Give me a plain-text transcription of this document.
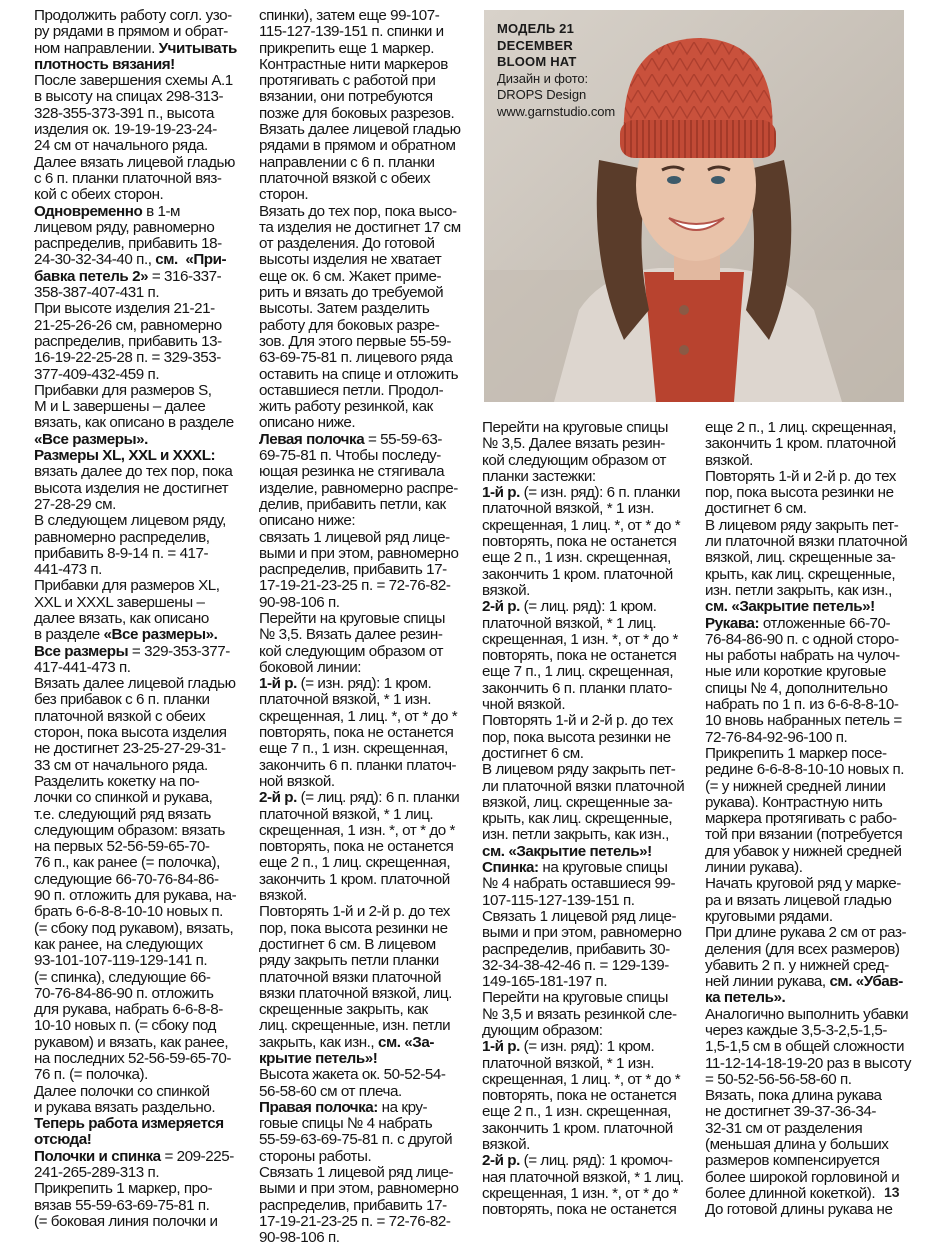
Продолжить работу согл. узо-
ру рядами в прямом и обрат-
ном направлении. Учитывать
плотность вязания!
После завершения схемы А.1
в высоту на спицах 298-313-
328-355-373-391 п., высота
изделия ок. 19-19-19-23-24-
24 см от начального ряда.
Далее вязать лицевой гладью
с 6 п. планки платочной вяз-
кой с обеих сторон.
Одновременно в 1-м
лицевом ряду, равномерно
распределив, прибавить 18-
24-30-32-34-40 п., см.  «При-
бавка петель 2» = 316-337-
358-387-407-431 п.
При высоте изделия 21-21-
21-25-26-26 см, равномерно
распределив, прибавить 13-
16-19-22-25-28 п. = 329-353-
377-409-432-459 п.
Прибавки для размеров S,
M и L завершены – далее
вязать, как описано в разделе
«Все размеры».
Размеры XL, XXL и XXXL:
вязать далее до тех пор, пока
высота изделия не достигнет
27-28-29 см.
В следующем лицевом ряду,
равномерно распределив,
прибавить 8-9-14 п. = 417-
441-473 п.
Прибавки для размеров XL,
XXL и XXXL завершены –
далее вязать, как описано
в разделе «Все размеры».
Все размеры = 329-353-377-
417-441-473 п.
Вязать далее лицевой гладью
без прибавок с 6 п. планки
платочной вязкой с обеих
сторон, пока высота изделия
не достигнет 23-25-27-29-31-
33 см от начального ряда.
Разделить кокетку на по-
лочки со спинкой и рукава,
т.е. следующий ряд вязать
следующим образом: вязать
на первых 52-56-59-65-70-
76 п., как ранее (= полочка),
следующие 66-70-76-84-86-
90 п. отложить для рукава, на-
брать 6-6-8-8-10-10 новых п.
(= сбоку под рукавом), вязать,
как ранее, на следующих
93-101-107-119-129-141 п.
(= спинка), следующие 66-
70-76-84-86-90 п. отложить
для рукава, набрать 6-6-8-8-
10-10 новых п. (= сбоку под
рукавом) и вязать, как ранее,
на последних 52-56-59-65-70-
76 п. (= полочка).
Далее полочки со спинкой
и рукава вязать раздельно.
Теперь работа измеряется
отсюда!
Полочки и спинка = 209-225-
241-265-289-313 п.
Прикрепить 1 маркер, про-
вязав 55-59-63-69-75-81 п.
(= боковая линия полочки и
спинки), затем еще 99-107-
115-127-139-151 п. спинки и
прикрепить еще 1 маркер.
Контрастные нити маркеров
протягивать с работой при
вязании, они потребуются
позже для боковых разрезов.
Вязать далее лицевой гладью
рядами в прямом и обратном
направлении с 6 п. планки
платочной вязкой с обеих
сторон.
Вязать до тех пор, пока высо-
та изделия не достигнет 17 см
от разделения. До готовой
высоты изделия не хватает
еще ок. 6 см. Жакет приме-
рить и вязать до требуемой
высоты. Затем разделить
работу для боковых разре-
зов. Для этого первые 55-59-
63-69-75-81 п. лицевого ряда
оставить на спице и отложить
оставшиеся петли. Продол-
жить работу резинкой, как
описано ниже.
Левая полочка = 55-59-63-
69-75-81 п. Чтобы последу-
ющая резинка не стягивала
изделие, равномерно распре-
делив, прибавить петли, как
описано ниже:
связать 1 лицевой ряд лице-
выми и при этом, равномерно
распределив, прибавить 17-
17-19-21-23-25 п. = 72-76-82-
90-98-106 п.
Перейти на круговые спицы
№ 3,5. Вязать далее резин-
кой следующим образом от
боковой линии:
1-й р. (= изн. ряд): 1 кром.
платочной вязкой, * 1 изн.
скрещенная, 1 лиц. *, от * до *
повторять, пока не останется
еще 7 п., 1 изн. скрещенная,
закончить 6 п. планки платоч-
ной вязкой.
2-й р. (= лиц. ряд): 6 п. планки
платочной вязкой, * 1 лиц.
скрещенная, 1 изн. *, от * до *
повторять, пока не останется
еще 2 п., 1 лиц. скрещенная,
закончить 1 кром. платочной
вязкой.
Повторять 1-й и 2-й р. до тех
пор, пока высота резинки не
достигнет 6 см. В лицевом
ряду закрыть петли планки
платочной вязки платочной
вязки платочной вязкой, лиц.
скрещенные закрыть, как
лиц. скрещенные, изн. петли
закрыть, как изн., см. «За-
крытие петель»!
Высота жакета ок. 50-52-54-
56-58-60 см от плеча.
Правая полочка: на кру-
говые спицы № 4 набрать
55-59-63-69-75-81 п. с другой
стороны работы.
Связать 1 лицевой ряд лице-
выми и при этом, равномерно
распределив, прибавить 17-
17-19-21-23-25 п. = 72-76-82-
90-98-106 п.
МОДЕЛЬ 21
DECEMBER
BLOOM HAT
Дизайн и фото:
DROPS Design
www.garnstudio.com
Перейти на круговые спицы
№ 3,5. Далее вязать резин-
кой следующим образом от
планки застежки:
1-й р. (= изн. ряд): 6 п. планки
платочной вязкой, * 1 изн.
скрещенная, 1 лиц. *, от * до *
повторять, пока не останется
еще 2 п., 1 изн. скрещенная,
закончить 1 кром. платочной
вязкой.
2-й р. (= лиц. ряд): 1 кром.
платочной вязкой, * 1 лиц.
скрещенная, 1 изн. *, от * до *
повторять, пока не останется
еще 7 п., 1 лиц. скрещенная,
закончить 6 п. планки плато-
чной вязкой.
Повторять 1-й и 2-й р. до тех
пор, пока высота резинки не
достигнет 6 см.
В лицевом ряду закрыть пет-
ли платочной вязки платочной
вязкой, лиц. скрещенные за-
крыть, как лиц. скрещенные,
изн. петли закрыть, как изн.,
см. «Закрытие петель»!
Спинка: на круговые спицы
№ 4 набрать оставшиеся 99-
107-115-127-139-151 п.
Связать 1 лицевой ряд лице-
выми и при этом, равномерно
распределив, прибавить 30-
32-34-38-42-46 п. = 129-139-
149-165-181-197 п.
Перейти на круговые спицы
№ 3,5 и вязать резинкой сле-
дующим образом:
1-й р. (= изн. ряд): 1 кром.
платочной вязкой, * 1 изн.
скрещенная, 1 лиц. *, от * до *
повторять, пока не останется
еще 2 п., 1 изн. скрещенная,
закончить 1 кром. платочной
вязкой.
2-й р. (= лиц. ряд): 1 кромоч-
ная платочной вязкой, * 1 лиц.
скрещенная, 1 изн. *, от * до *
повторять, пока не останется
еще 2 п., 1 лиц. скрещенная,
закончить 1 кром. платочной
вязкой.
Повторять 1-й и 2-й р. до тех
пор, пока высота резинки не
достигнет 6 см.
В лицевом ряду закрыть пет-
ли платочной вязки платочной
вязкой, лиц. скрещенные за-
крыть, как лиц. скрещенные,
изн. петли закрыть, как изн.,
см. «Закрытие петель»!
Рукава: отложенные 66-70-
76-84-86-90 п. с одной сторо-
ны работы набрать на чулоч-
ные или короткие круговые
спицы № 4, дополнительно
набрать по 1 п. из 6-6-8-8-10-
10 вновь набранных петель =
72-76-84-92-96-100 п.
Прикрепить 1 маркер посе-
редине 6-6-8-8-10-10 новых п.
(= у нижней средней линии
рукава). Контрастную нить
маркера протягивать с рабо-
той при вязании (потребуется
для убавок у нижней средней
линии рукава).
Начать круговой ряд у марке-
ра и вязать лицевой гладью
круговыми рядами.
При длине рукава 2 см от раз-
деления (для всех размеров)
убавить 2 п. у нижней сред-
ней линии рукава, см. «Убав-
ка петель».
Аналогично выполнить убавки
через каждые 3,5-3-2,5-1,5-
1,5-1,5 см в общей сложности
11-12-14-18-19-20 раз в высоту
= 50-52-56-56-58-60 п.
Вязать, пока длина рукава
не достигнет 39-37-36-34-
32-31 см от разделения
(меньшая длина у больших
размеров компенсируется
более широкой горловиной и
более длинной кокеткой).
До готовой длины рукава не
13
